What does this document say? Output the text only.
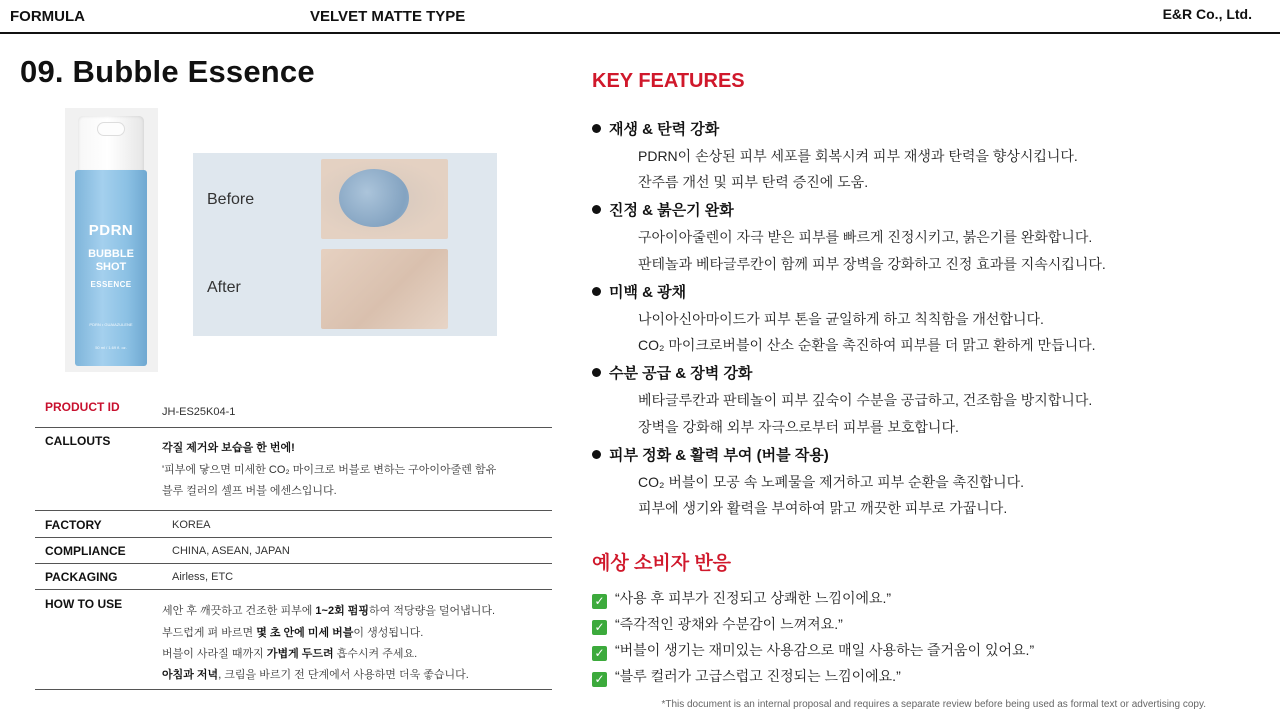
FORMULA	VELVET MATTE TYPE	E&R Co., Ltd.
09. Bubble Essence
PDRN
BUBBLE
SHOT
ESSENCE
PDRN • GUAIAZULENE
50 ml / 1.69 fl. oz.
Before
After
PRODUCT ID	JH-ES25K04-1
CALLOUTS	각질 제거와 보습을 한 번에!
'피부에 닿으면 미세한 CO₂ 마이크로 버블로 변하는 구아이아줄렌 함유
블루 컬러의 셀프 버블 에센스입니다.
FACTORY	KOREA
COMPLIANCE	CHINA, ASEAN, JAPAN
PACKAGING	Airless, ETC
HOW TO USE	세안 후 깨끗하고 건조한 피부에 1~2회 펌핑하여 적당량을 덜어냅니다.
부드럽게 펴 바르면 몇 초 안에 미세 버블이 생성됩니다.
버블이 사라질 때까지 가볍게 두드려 흡수시켜 주세요.
아침과 저녁, 크림을 바르기 전 단계에서 사용하면 더욱 좋습니다.
KEY FEATURES
재생 & 탄력 강화
PDRN이 손상된 피부 세포를 회복시켜 피부 재생과 탄력을 향상시킵니다.
잔주름 개선 및 피부 탄력 증진에 도움.
진정 & 붉은기 완화
구아이아줄렌이 자극 받은 피부를 빠르게 진정시키고, 붉은기를 완화합니다.
판테놀과 베타글루칸이 함께 피부 장벽을 강화하고 진정 효과를 지속시킵니다.
미백 & 광채
나이아신아마이드가 피부 톤을 균일하게 하고 칙칙함을 개선합니다.
CO₂ 마이크로버블이 산소 순환을 촉진하여 피부를 더 맑고 환하게 만듭니다.
수분 공급 & 장벽 강화
베타글루칸과 판테놀이 피부 깊숙이 수분을 공급하고, 건조함을 방지합니다.
장벽을 강화해 외부 자극으로부터 피부를 보호합니다.
피부 정화 & 활력 부여 (버블 작용)
CO₂ 버블이 모공 속 노폐물을 제거하고 피부 순환을 촉진합니다.
피부에 생기와 활력을 부여하여 맑고 깨끗한 피부로 가꿉니다.
예상 소비자 반응
✓ “사용 후 피부가 진정되고 상쾌한 느낌이에요.”
✓ “즉각적인 광채와 수분감이 느껴져요.”
✓ “버블이 생기는 재미있는 사용감으로 매일 사용하는 즐거움이 있어요.”
✓ “블루 컬러가 고급스럽고 진정되는 느낌이에요.”
*This document is an internal proposal and requires a separate review before being used as formal text or advertising copy.
